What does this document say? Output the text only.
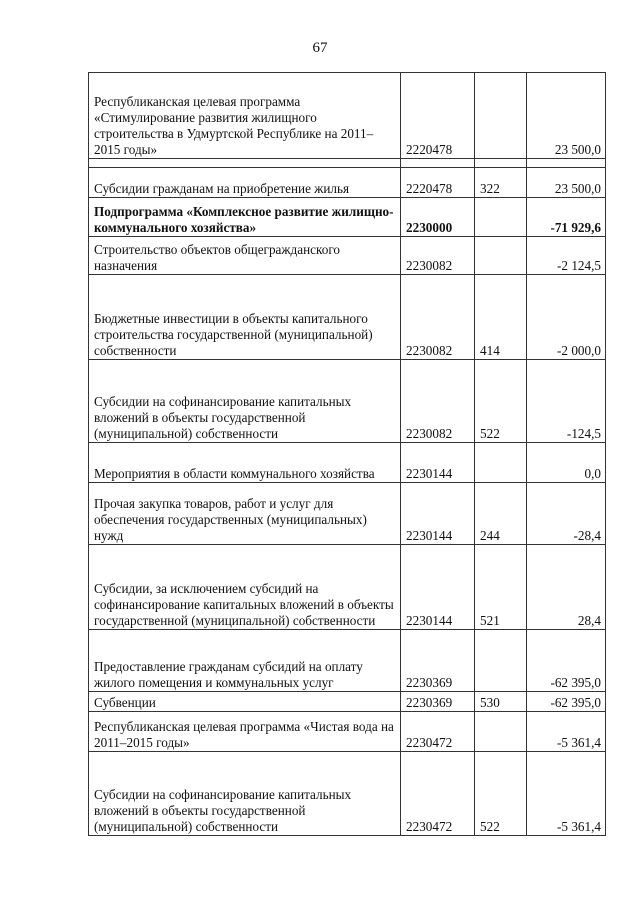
67
Республиканская целевая программа «Стимулирование развития жилищного строительства в Удмуртской Республике на 2011–2015 годы»	2220478		23 500,0

Субсидии гражданам на приобретение жилья	2220478	322	23 500,0
Подпрограмма «Комплексное развитие жилищно-коммунального хозяйства»	2230000		-71 929,6
Строительство объектов общегражданского назначения	2230082		-2 124,5
Бюджетные инвестиции в объекты капитального строительства государственной (муниципальной) собственности	2230082	414	-2 000,0
Субсидии на софинансирование капитальных вложений в объекты государственной (муниципальной) собственности	2230082	522	-124,5
Мероприятия в области коммунального хозяйства	2230144		0,0
Прочая закупка товаров, работ и услуг для обеспечения государственных (муниципальных) нужд	2230144	244	-28,4
Субсидии, за исключением субсидий на софинансирование капитальных вложений в объекты государственной (муниципальной) собственности	2230144	521	28,4
Предоставление гражданам субсидий на оплату жилого помещения и коммунальных услуг	2230369		-62 395,0
Субвенции	2230369	530	-62 395,0
Республиканская целевая программа «Чистая вода на 2011–2015 годы»	2230472		-5 361,4
Субсидии на софинансирование капитальных вложений в объекты государственной (муниципальной) собственности	2230472	522	-5 361,4
